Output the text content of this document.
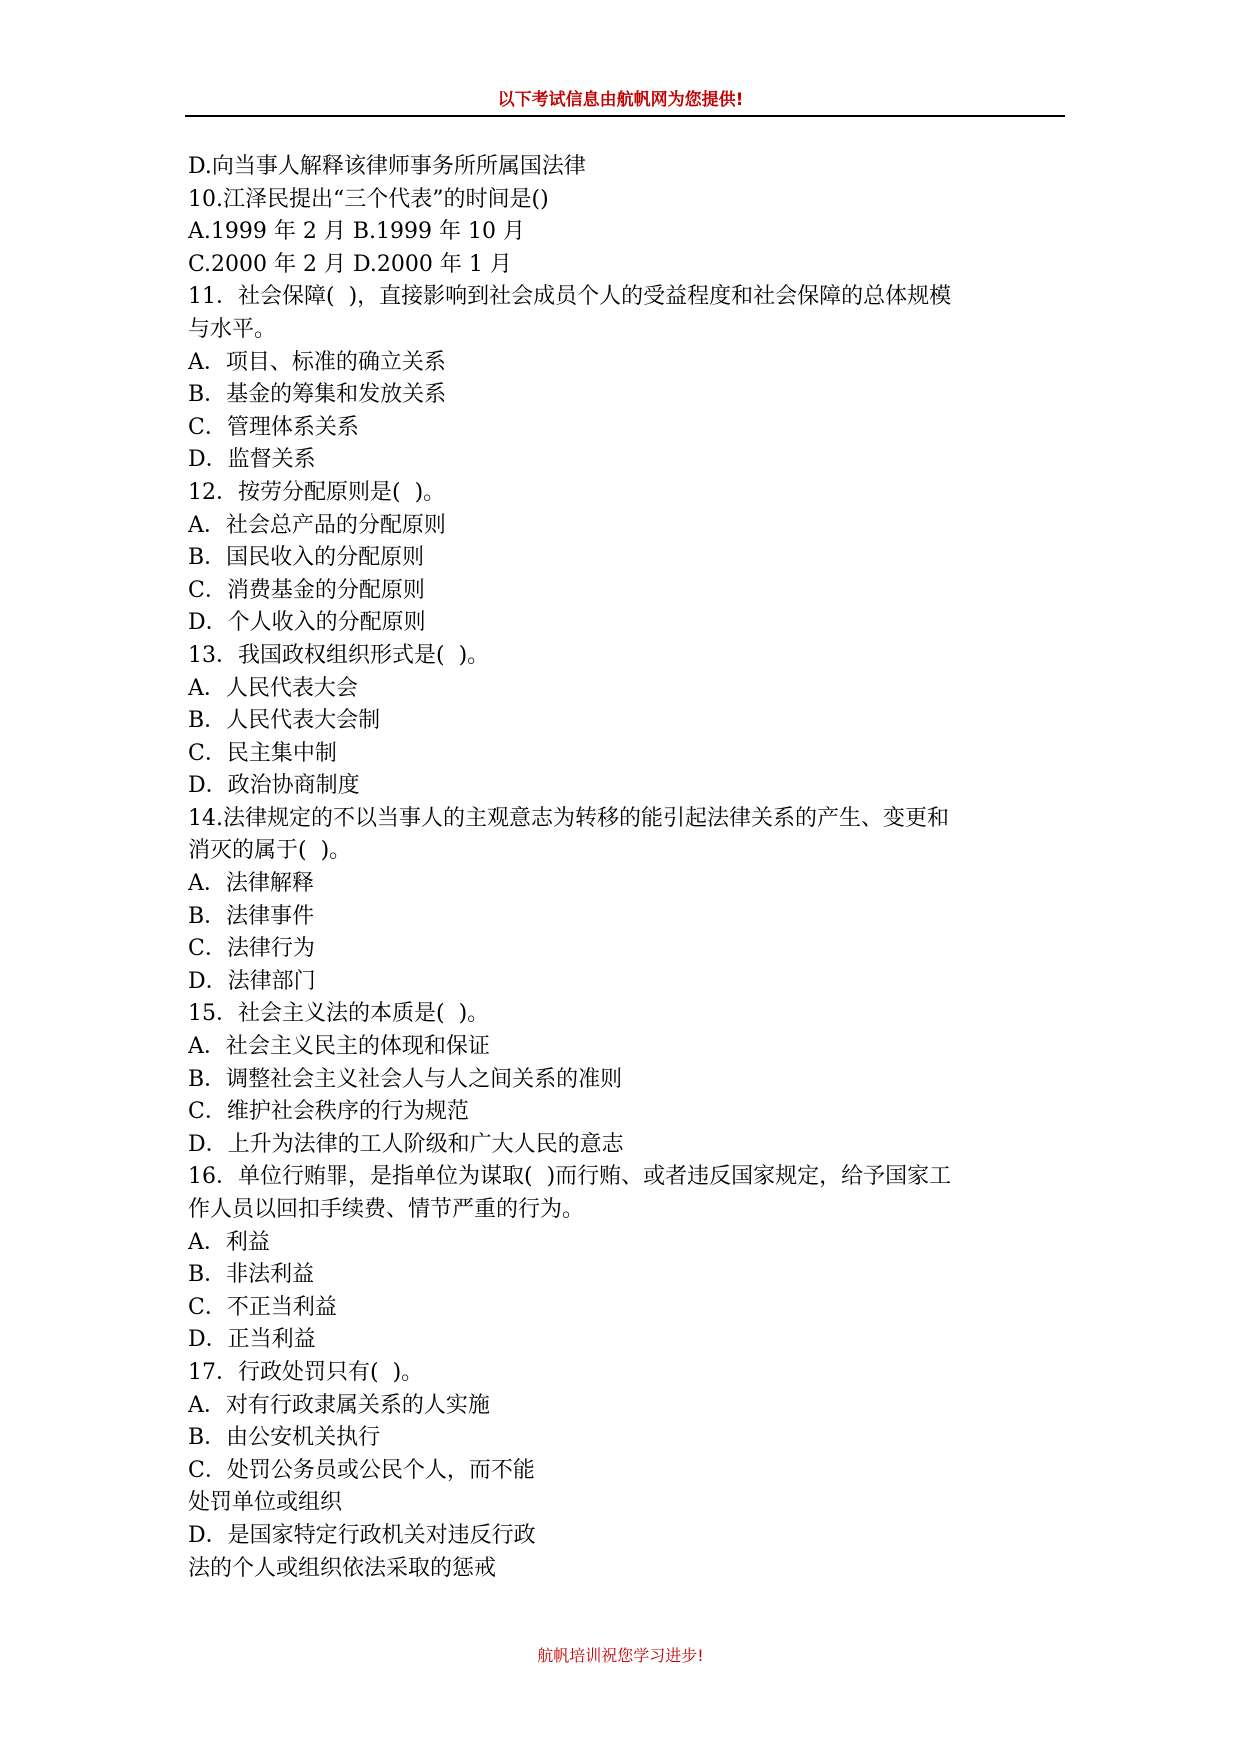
以下考试信息由航帆网为您提供!
D.向当事人解释该律师事务所所属国法律
10.江泽民提出“三个代表”的时间是()
A.1999 年 2 月 B.1999 年 10 月
C.2000 年 2 月 D.2000 年 1 月
11．社会保障(  )，直接影响到社会成员个人的受益程度和社会保障的总体规模
与水平。
A．项目、标准的确立关系
B．基金的筹集和发放关系
C．管理体系关系
D．监督关系
12．按劳分配原则是(  )。
A．社会总产品的分配原则
B．国民收入的分配原则
C．消费基金的分配原则
D．个人收入的分配原则
13．我国政权组织形式是(  )。
A．人民代表大会
B．人民代表大会制
C．民主集中制
D．政治协商制度
14.法律规定的不以当事人的主观意志为转移的能引起法律关系的产生、变更和
消灭的属于(  )。
A．法律解释
B．法律事件
C．法律行为
D．法律部门
15．社会主义法的本质是(  )。
A．社会主义民主的体现和保证
B．调整社会主义社会人与人之间关系的准则
C．维护社会秩序的行为规范
D．上升为法律的工人阶级和广大人民的意志
16．单位行贿罪，是指单位为谋取(  )而行贿、或者违反国家规定，给予国家工
作人员以回扣手续费、情节严重的行为。
A．利益
B．非法利益
C．不正当利益
D．正当利益
17．行政处罚只有(  )。
A．对有行政隶属关系的人实施
B．由公安机关执行
C．处罚公务员或公民个人，而不能
处罚单位或组织
D．是国家特定行政机关对违反行政
法的个人或组织依法采取的惩戒
航帆培训祝您学习进步!
